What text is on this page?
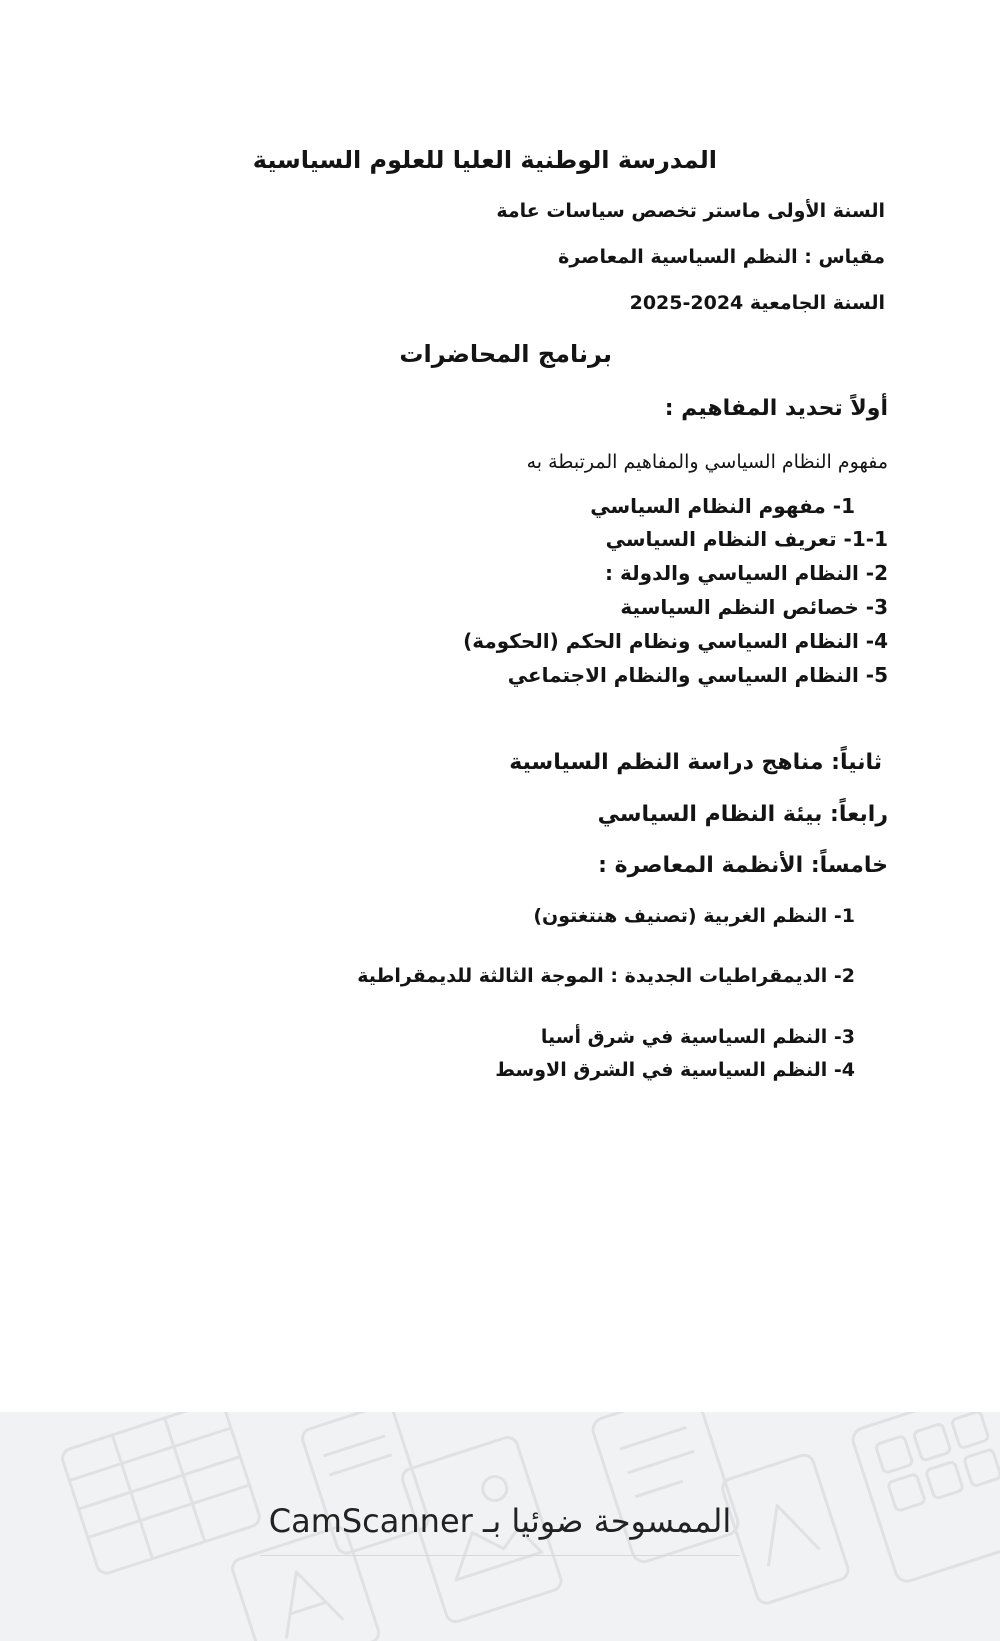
المدرسة الوطنية العليا للعلوم السياسية
السنة الأولى ماستر تخصص سياسات عامة
مقياس : النظم السياسية المعاصرة
السنة الجامعية 2024-2025
برنامج المحاضرات
أولاً تحديد المفاهيم :
مفهوم النظام السياسي والمفاهيم المرتبطة به
1- مفهوم النظام السياسي
1-1- تعريف النظام السياسي
2- النظام السياسي والدولة :
3- خصائص النظم السياسية
4- النظام السياسي ونظام الحكم (الحكومة)
5- النظام السياسي والنظام الاجتماعي
ثانياً: مناهج دراسة النظم السياسية
رابعاً: بيئة النظام السياسي
خامساً: الأنظمة المعاصرة :
1- النظم الغربية (تصنيف هنتغتون)
2- الديمقراطيات الجديدة : الموجة الثالثة للديمقراطية
3- النظم السياسية في شرق أسيا
4- النظم السياسية في الشرق الاوسط
الممسوحة ضوئيا بـ CamScanner
